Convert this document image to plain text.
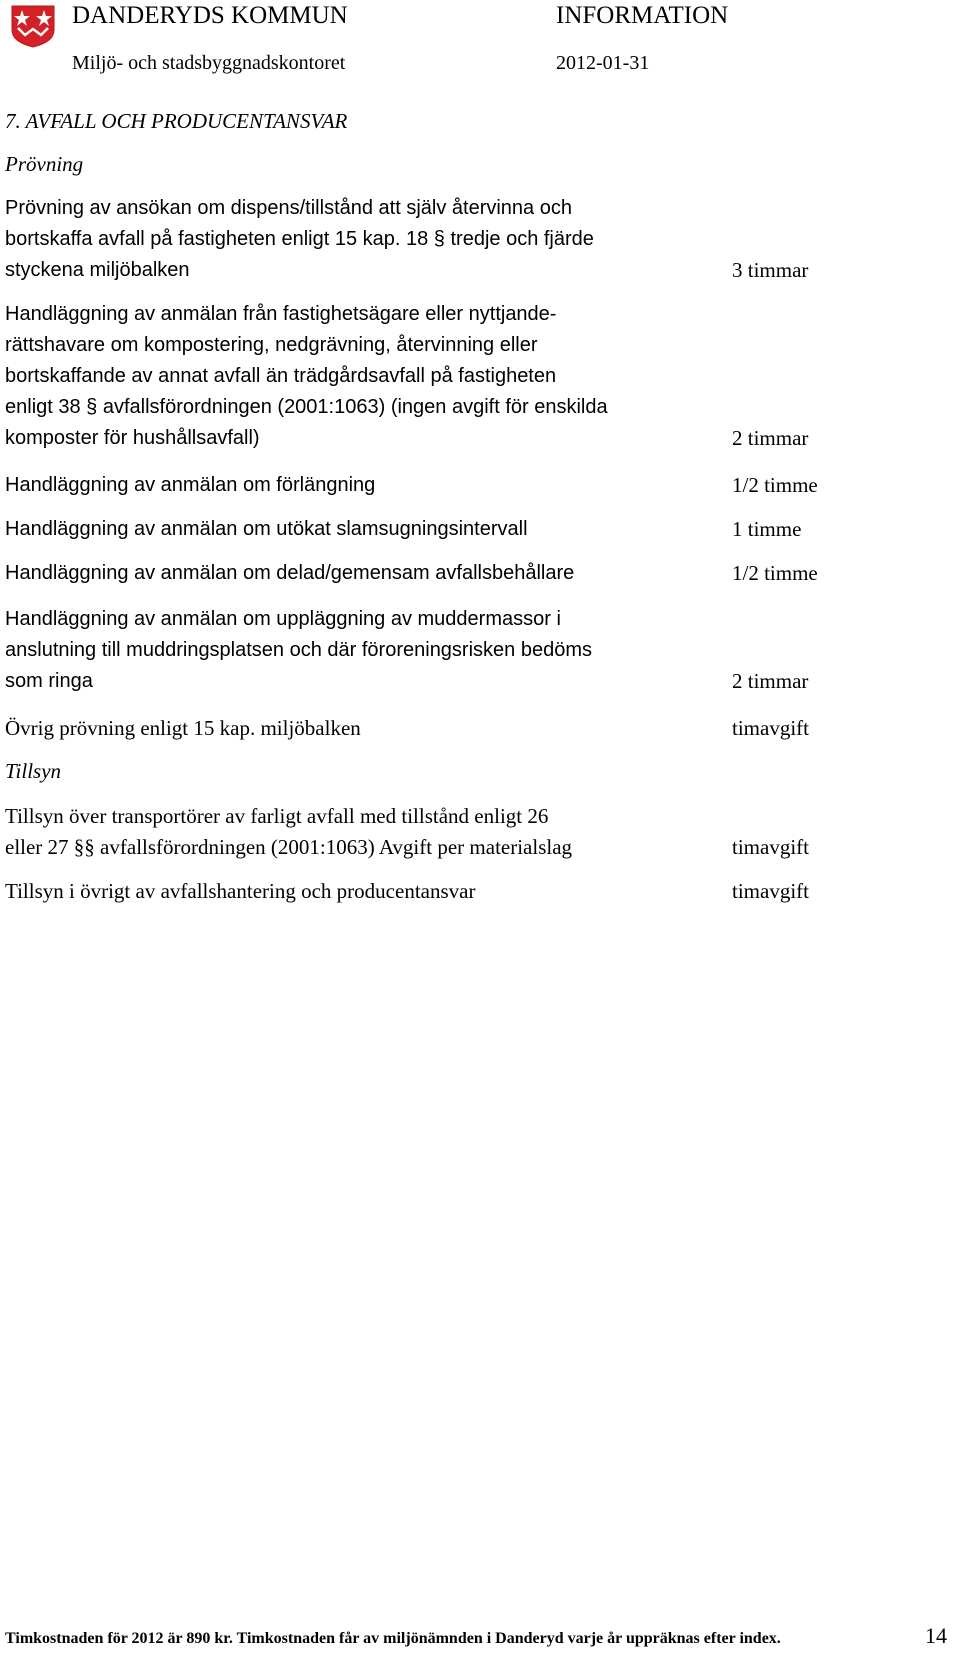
DANDERYDS KOMMUN	INFORMATION
Miljö- och stadsbyggnadskontoret	2012-01-31
7. AVFALL OCH PRODUCENTANSVAR
Prövning
Prövning av ansökan om dispens/tillstånd att själv återvinna och
bortskaffa avfall på fastigheten enligt 15 kap. 18 § tredje och fjärde
styckena miljöbalken	3 timmar
Handläggning av anmälan från fastighetsägare eller nyttjande-
rättshavare om kompostering, nedgrävning, återvinning eller
bortskaffande av annat avfall än trädgårdsavfall på fastigheten
enligt 38 § avfallsförordningen (2001:1063) (ingen avgift för enskilda
komposter för hushållsavfall)	2 timmar
Handläggning av anmälan om förlängning	1/2 timme
Handläggning av anmälan om utökat slamsugningsintervall	1 timme
Handläggning av anmälan om delad/gemensam avfallsbehållare	1/2 timme
Handläggning av anmälan om uppläggning av muddermassor i
anslutning till muddringsplatsen och där föroreningsrisken bedöms
som ringa	2 timmar
Övrig prövning enligt 15 kap. miljöbalken	timavgift
Tillsyn
Tillsyn över transportörer av farligt avfall med tillstånd enligt 26
eller 27 §§ avfallsförordningen (2001:1063) Avgift per materialslag	timavgift
Tillsyn i övrigt av avfallshantering och producentansvar	timavgift
Timkostnaden för 2012 är 890 kr. Timkostnaden får av miljönämnden i Danderyd varje år uppräknas efter index.	14
